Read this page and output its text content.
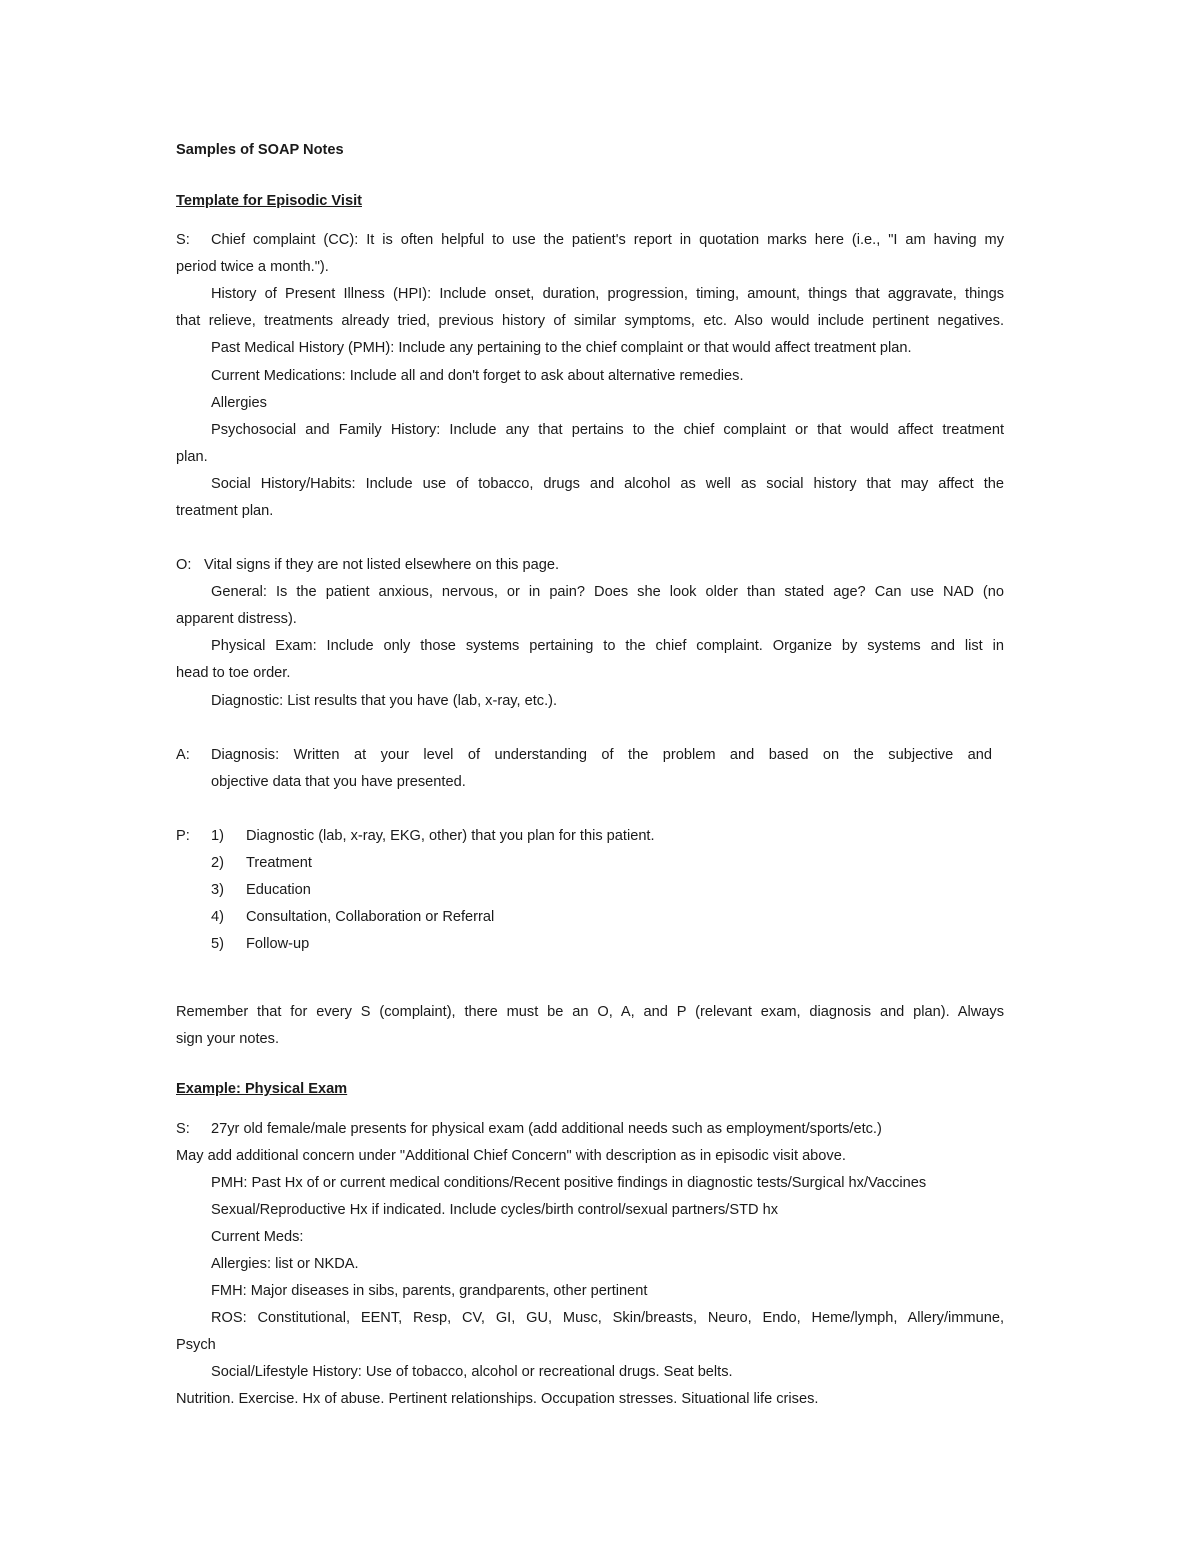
Samples of SOAP Notes
Template for Episodic Visit
S: Chief complaint (CC): It is often helpful to use the patient's report in quotation marks here (i.e., "I am having my
period twice a month.").
History of Present Illness (HPI): Include onset, duration, progression, timing, amount, things that aggravate, things
that relieve, treatments already tried, previous history of similar symptoms, etc. Also would include pertinent negatives.
Past Medical History (PMH): Include any pertaining to the chief complaint or that would affect treatment plan.
Current Medications: Include all and don't forget to ask about alternative remedies.
Allergies
Psychosocial and Family History: Include any that pertains to the chief complaint or that would affect treatment
plan.
Social History/Habits: Include use of tobacco, drugs and alcohol as well as social history that may affect the
treatment plan.
O: Vital signs if they are not listed elsewhere on this page.
General: Is the patient anxious, nervous, or in pain? Does she look older than stated age? Can use NAD (no
apparent distress).
Physical Exam: Include only those systems pertaining to the chief complaint. Organize by systems and list in
head to toe order.
Diagnostic: List results that you have (lab, x-ray, etc.).
A: Diagnosis: Written at your level of understanding of the problem and based on the subjective and
objective data that you have presented.
P: 1) Diagnostic (lab, x-ray, EKG, other) that you plan for this patient.
2) Treatment
3) Education
4) Consultation, Collaboration or Referral
5) Follow-up
Remember that for every S (complaint), there must be an O, A, and P (relevant exam, diagnosis and plan). Always
sign your notes.
Example: Physical Exam
S: 27yr old female/male presents for physical exam (add additional needs such as employment/sports/etc.)
May add additional concern under "Additional Chief Concern" with description as in episodic visit above.
PMH: Past Hx of or current medical conditions/Recent positive findings in diagnostic tests/Surgical hx/Vaccines
Sexual/Reproductive Hx if indicated. Include cycles/birth control/sexual partners/STD hx
Current Meds:
Allergies: list or NKDA.
FMH: Major diseases in sibs, parents, grandparents, other pertinent
ROS: Constitutional, EENT, Resp, CV, GI, GU, Musc, Skin/breasts, Neuro, Endo, Heme/lymph, Allery/immune,
Psych
Social/Lifestyle History: Use of tobacco, alcohol or recreational drugs. Seat belts.
Nutrition. Exercise. Hx of abuse. Pertinent relationships. Occupation stresses. Situational life crises.
